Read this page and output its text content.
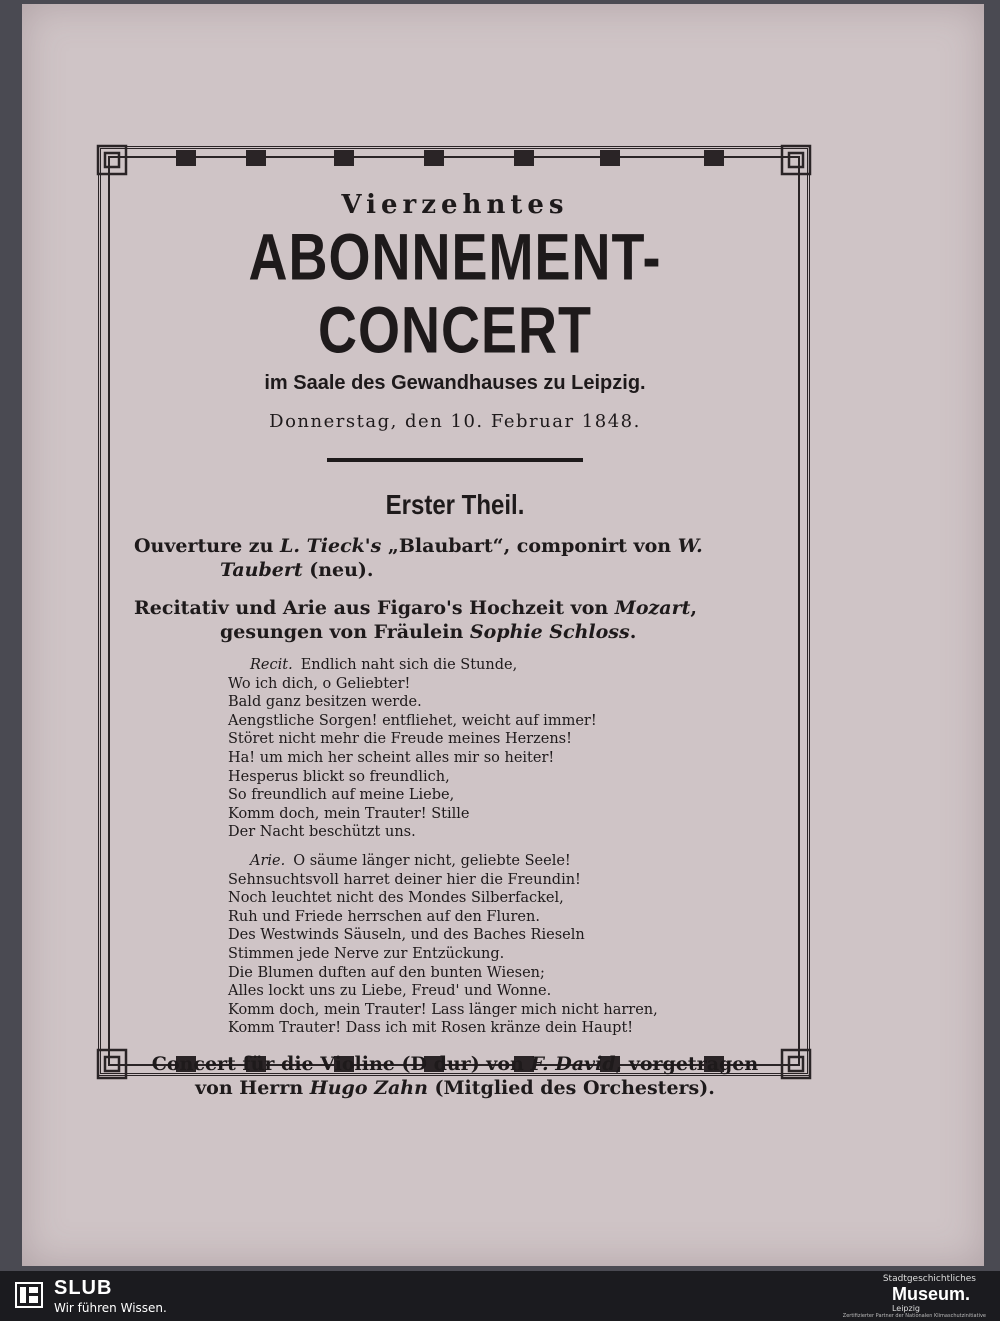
Vierzehntes
ABONNEMENT-CONCERT
im Saale des Gewandhauses zu Leipzig.
Donnerstag, den 10. Februar 1848.
Erster Theil.
Ouverture zu L. Tieck's „Blaubart“, componirt von W. Taubert (neu).
Recitativ und Arie aus Figaro's Hochzeit von Mozart, gesungen von Fräulein Sophie Schloss.
Recit. Endlich naht sich die Stunde,
Wo ich dich, o Geliebter!
Bald ganz besitzen werde.
Aengstliche Sorgen! entfliehet, weicht auf immer!
Störet nicht mehr die Freude meines Herzens!
Ha! um mich her scheint alles mir so heiter!
Hesperus blickt so freundlich,
So freundlich auf meine Liebe,
Komm doch, mein Trauter! Stille
Der Nacht beschützt uns.
Arie. O säume länger nicht, geliebte Seele!
Sehnsuchtsvoll harret deiner hier die Freundin!
Noch leuchtet nicht des Mondes Silberfackel,
Ruh und Friede herrschen auf den Fluren.
Des Westwinds Säuseln, und des Baches Rieseln
Stimmen jede Nerve zur Entzückung.
Die Blumen duften auf den bunten Wiesen;
Alles lockt uns zu Liebe, Freud' und Wonne.
Komm doch, mein Trauter! Lass länger mich nicht harren,
Komm Trauter! Dass ich mit Rosen kränze dein Haupt!
Concert für die Violine (D dur) von F. David, vorgetragen
von Herrn Hugo Zahn (Mitglied des Orchesters).
SLUB
Wir führen Wissen.
Stadtgeschichtliches
Museum.
Leipzig
Zertifizierter Partner der Nationalen Klimaschutzinitiative
